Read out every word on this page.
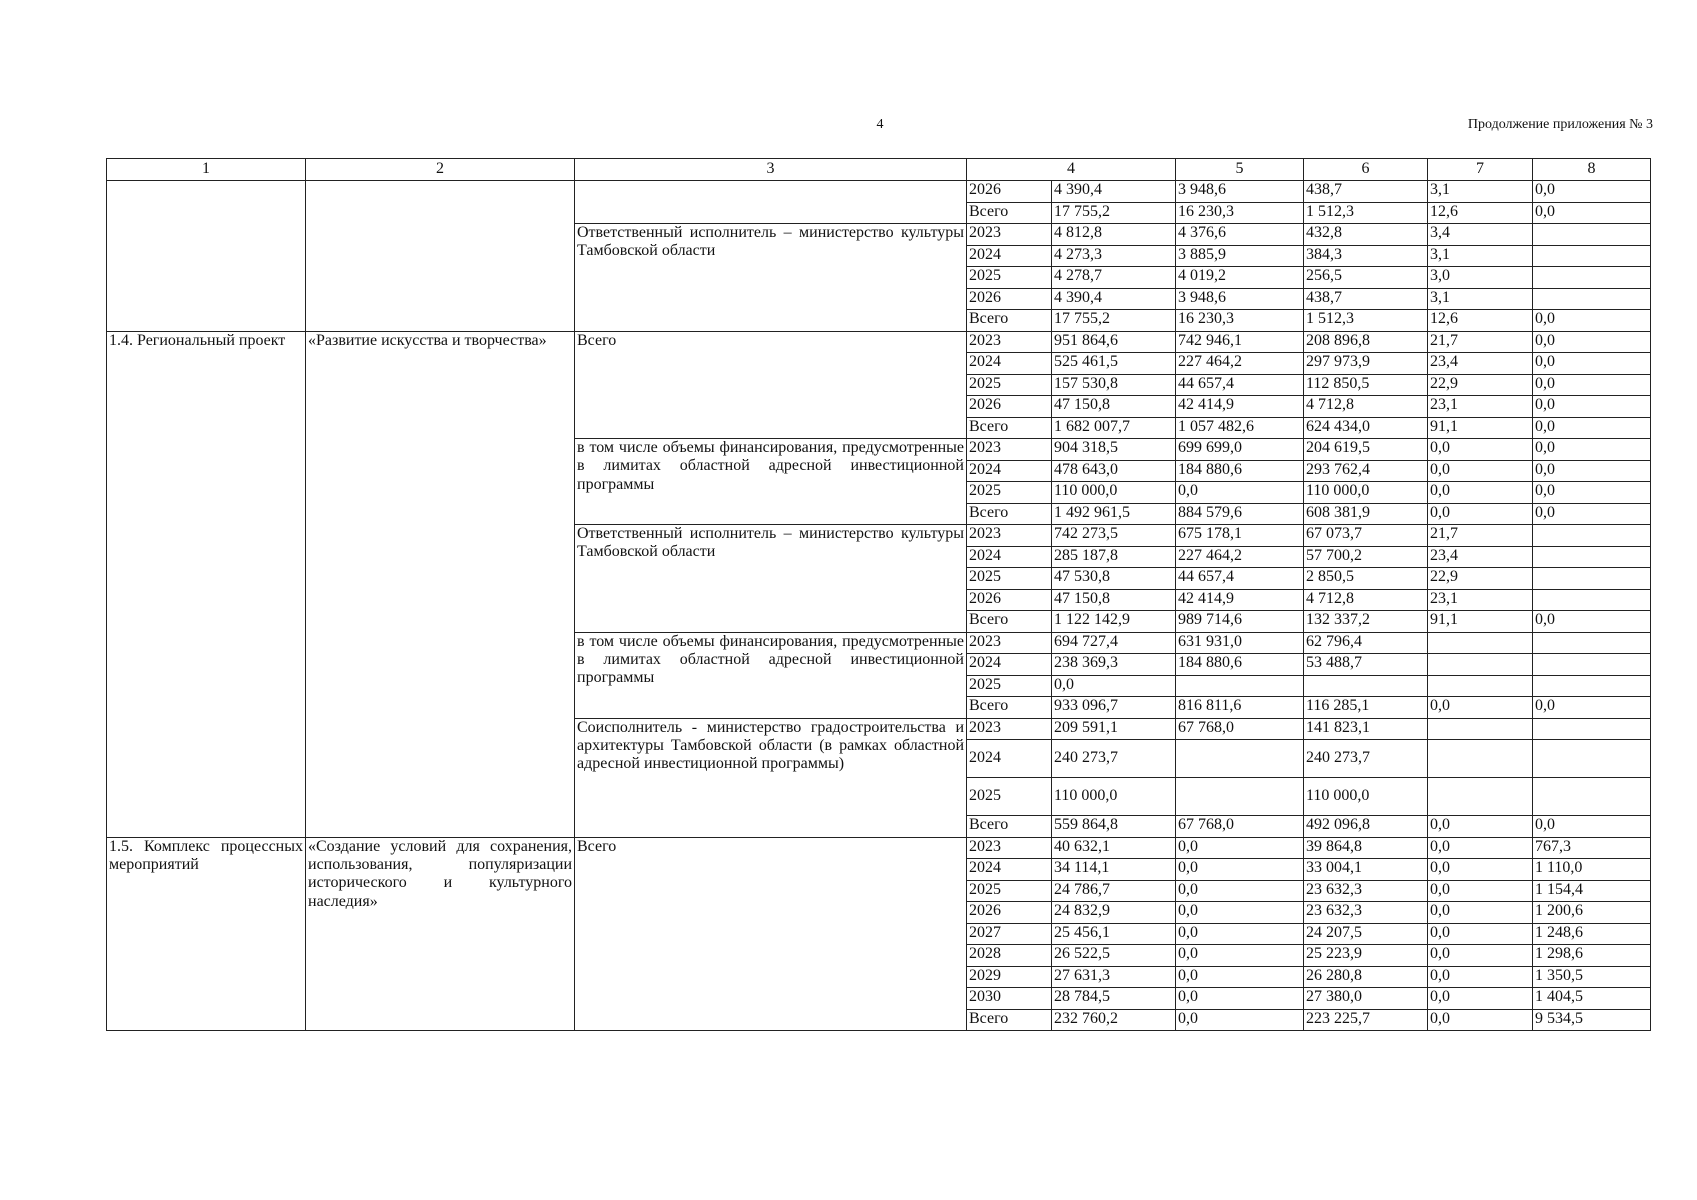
4	Продолжение приложения № 3
1	2	3	4		5	6	7	8
			2026	4 390,4	3 948,6	438,7	3,1	0,0
			Всего	17 755,2	16 230,3	1 512,3	12,6	0,0
		Ответственный исполнитель – министерство культуры Тамбовской области	2023	4 812,8	4 376,6	432,8	3,4	
			2024	4 273,3	3 885,9	384,3	3,1	
			2025	4 278,7	4 019,2	256,5	3,0	
			2026	4 390,4	3 948,6	438,7	3,1	
			Всего	17 755,2	16 230,3	1 512,3	12,6	0,0
1.4. Региональный проект	«Развитие искусства и творчества»	Всего	2023	951 864,6	742 946,1	208 896,8	21,7	0,0
			2024	525 461,5	227 464,2	297 973,9	23,4	0,0
			2025	157 530,8	44 657,4	112 850,5	22,9	0,0
			2026	47 150,8	42 414,9	4 712,8	23,1	0,0
			Всего	1 682 007,7	1 057 482,6	624 434,0	91,1	0,0
		в том числе объемы финансирования, предусмотренные в лимитах областной адресной инвестиционной программы	2023	904 318,5	699 699,0	204 619,5	0,0	0,0
			2024	478 643,0	184 880,6	293 762,4	0,0	0,0
			2025	110 000,0	0,0	110 000,0	0,0	0,0
			Всего	1 492 961,5	884 579,6	608 381,9	0,0	0,0
		Ответственный исполнитель – министерство культуры Тамбовской области	2023	742 273,5	675 178,1	67 073,7	21,7	
			2024	285 187,8	227 464,2	57 700,2	23,4	
			2025	47 530,8	44 657,4	2 850,5	22,9	
			2026	47 150,8	42 414,9	4 712,8	23,1	
			Всего	1 122 142,9	989 714,6	132 337,2	91,1	0,0
		в том числе объемы финансирования, предусмотренные в лимитах областной адресной инвестиционной программы	2023	694 727,4	631 931,0	62 796,4		
			2024	238 369,3	184 880,6	53 488,7		
			2025	0,0				
			Всего	933 096,7	816 811,6	116 285,1	0,0	0,0
		Соисполнитель - министерство градостроительства и архитектуры Тамбовской области (в рамках областной адресной инвестиционной программы)	2023	209 591,1	67 768,0	141 823,1		
			2024	240 273,7		240 273,7		
			2025	110 000,0		110 000,0		
			Всего	559 864,8	67 768,0	492 096,8	0,0	0,0
1.5. Комплекс процессных мероприятий	«Создание условий для сохранения, использования, популяризации исторического и культурного наследия»	Всего	2023	40 632,1	0,0	39 864,8	0,0	767,3
			2024	34 114,1	0,0	33 004,1	0,0	1 110,0
			2025	24 786,7	0,0	23 632,3	0,0	1 154,4
			2026	24 832,9	0,0	23 632,3	0,0	1 200,6
			2027	25 456,1	0,0	24 207,5	0,0	1 248,6
			2028	26 522,5	0,0	25 223,9	0,0	1 298,6
			2029	27 631,3	0,0	26 280,8	0,0	1 350,5
			2030	28 784,5	0,0	27 380,0	0,0	1 404,5
			Всего	232 760,2	0,0	223 225,7	0,0	9 534,5
